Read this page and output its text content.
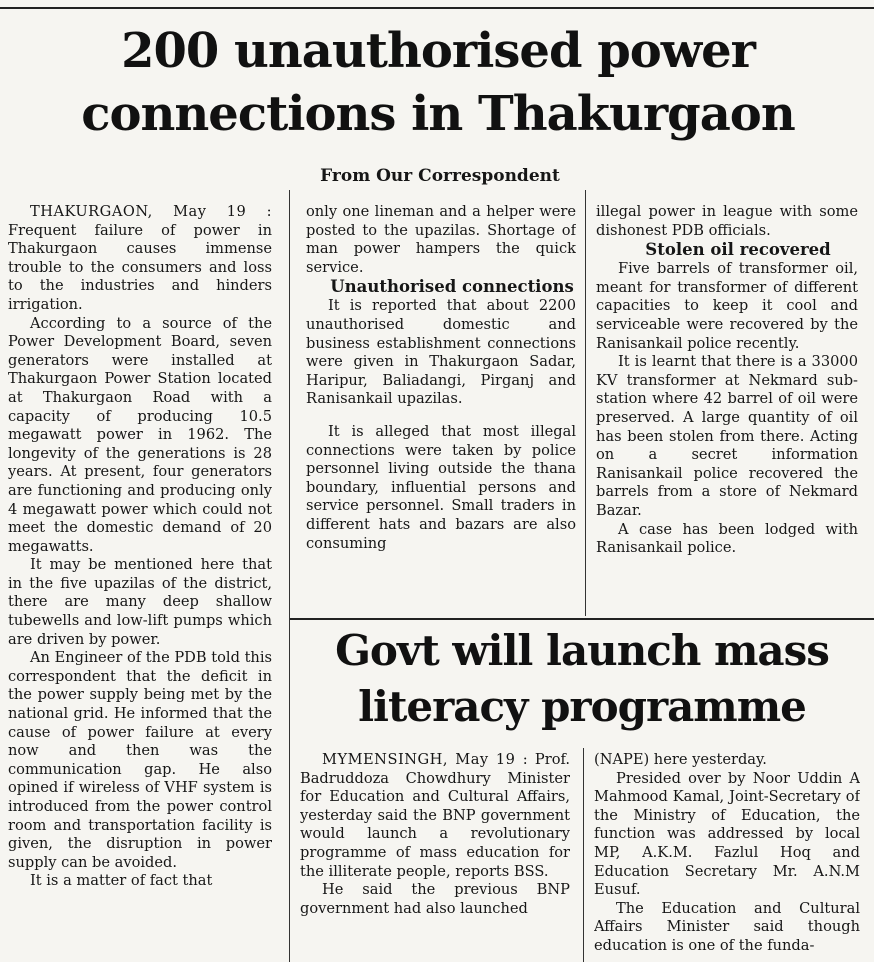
200 unauthorised power connections in Thakurgaon
From Our Correspondent

THAKURGAON, May 19 : Frequent failure of power in Thakurgaon causes immense trouble to the consumers and loss to the industries and hinders irrigation.

According to a source of the Power Development Board, seven generators were installed at Thakurgaon Power Station located at Thakurgaon Road with a capacity of producing 10.5 megawatt power in 1962. The longevity of the generations is 28 years. At present, four generators are functioning and producing only 4 megawatt power which could not meet the domestic demand of 20 megawatts.

It may be mentioned here that in the five upazilas of the district, there are many deep shallow tubewells and low-lift pumps which are driven by power.

An Engineer of the PDB told this correspondent that the deficit in the power supply being met by the national grid. He informed that the cause of power failure at every now and then was the communication gap. He also opined if wireless of VHF system is introduced from the power control room and transportation facility is given, the disruption in power supply can be avoided.

It is a matter of fact that

only one lineman and a helper were posted to the upazilas. Shortage of man power hampers the quick service.

Unauthorised connections

It is reported that about 2200 unauthorised domestic and business establishment connections were given in Thakurgaon Sadar, Haripur, Baliadangi, Pirganj and Ranisankail upazilas.

It is alleged that most illegal connections were taken by police personnel living outside the thana boundary, influential persons and service personnel. Small traders in different hats and bazars are also consuming

illegal power in league with some dishonest PDB officials.

Stolen oil recovered

Five barrels of transformer oil, meant for transformer of different capacities to keep it cool and serviceable were recovered by the Ranisankail police recently.

It is learnt that there is a 33000 KV transformer at Nekmard sub-station where 42 barrel of oil were preserved. A large quantity of oil has been stolen from there. Acting on a secret information Ranisankail police recovered the barrels from a store of Nekmard Bazar.

A case has been lodged with Ranisankail police.

Govt will launch mass literacy programme

MYMENSINGH, May 19 : Prof. Badruddoza Chowdhury Minister for Education and Cultural Affairs, yesterday said the BNP government would launch a revolutionary programme of mass education for the illiterate people, reports BSS.

He said the previous BNP government had also launched

(NAPE) here yesterday.

Presided over by Noor Uddin A Mahmood Kamal, Joint-Secretary of the Ministry of Education, the function was addressed by local MP, A.K.M. Fazlul Hoq and Education Secretary Mr. A.N.M Eusuf.

The Education and Cultural Affairs Minister said though education is one of the funda-
